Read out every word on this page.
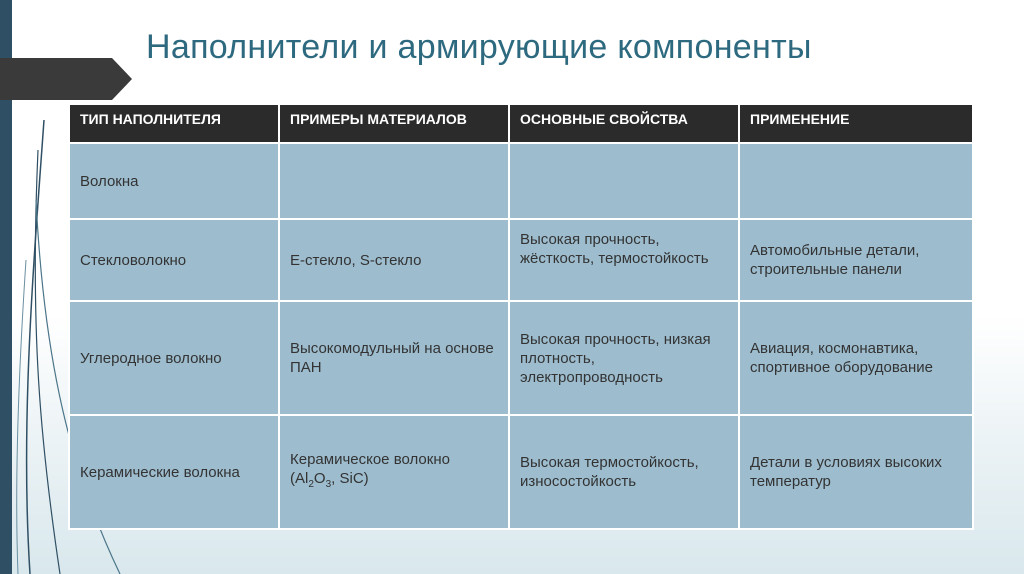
Наполнители и армирующие компоненты
ТИП НАПОЛНИТЕЛЯ	ПРИМЕРЫ МАТЕРИАЛОВ	ОСНОВНЫЕ СВОЙСТВА	ПРИМЕНЕНИЕ
Волокна			
Стекловолокно	Е-стекло, S-стекло	Высокая прочность, жёсткость, термостойкость	Автомобильные детали, строительные панели
Углеродное волокно	Высокомодульный на основе ПАН	Высокая прочность, низкая плотность, электропроводность	Авиация, космонавтика, спортивное оборудование
Керамические волокна	Керамическое волокно ($Al_2O_3$, SiC)	Высокая термостойкость, износостойкость	Детали в условиях высоких температур
